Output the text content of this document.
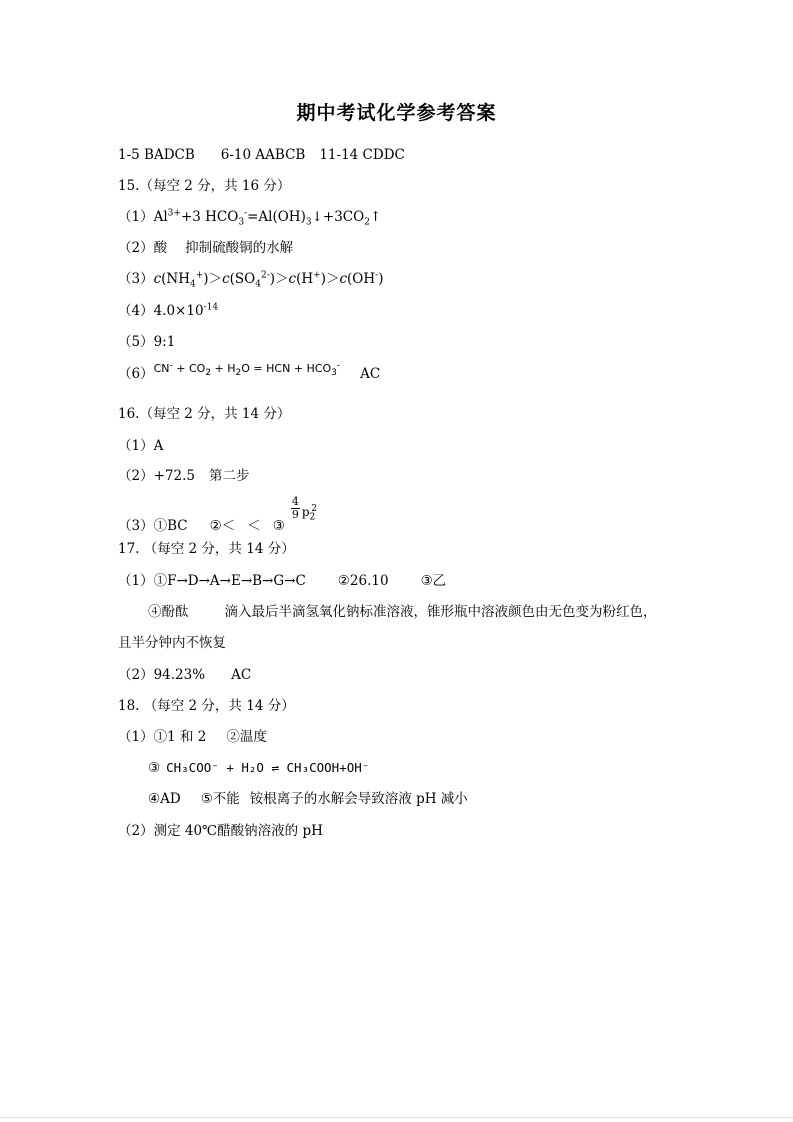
期中考试化学参考答案
1-5 BADCB 6-10 AABCB 11-14 CDDC
15.（每空 2 分，共 16 分）
$(1)Al^{3+}+3$ $HCO_3^-=Al(OH)_3↓+3CO_2↑$
（2）酸 抑制硫酸铜的水解
$(3)c(NH_4^+)>c(SO_4^{2-})>c(H^+)>c(OH^-)$
$(4)4.0\times 10^{-14}$
（5）9:1
$(6)^{CN^- + CO_2 + H_2O = HCN + HCO_3^-}AC$
16.（每空 2 分，共 14 分）
（1）A
（2）+72.5 第二步
（3）①BC ②＜ ＜ ③
$\frac{4}{9} p_2^2$
17. （每空 2 分，共 14 分）
（1）①F→D→A→E→B→G→C ②26.10 ③乙
④酚酞	滴入最后半滴氢氧化钠标准溶液，锥形瓶中溶液颜色由无色变为粉红色，
且半分钟内不恢复
（2）94.23% AC
18. （每空 2 分，共 14 分）
（1）①1 和 2 ②温度
③ CH₃COO⁻ + H₂O ⇌ CH₃COOH+OH⁻
④AD ⑤不能 铵根离子的水解会导致溶液 pH 减小
（2）测定 40℃醋酸钠溶液的 pH
